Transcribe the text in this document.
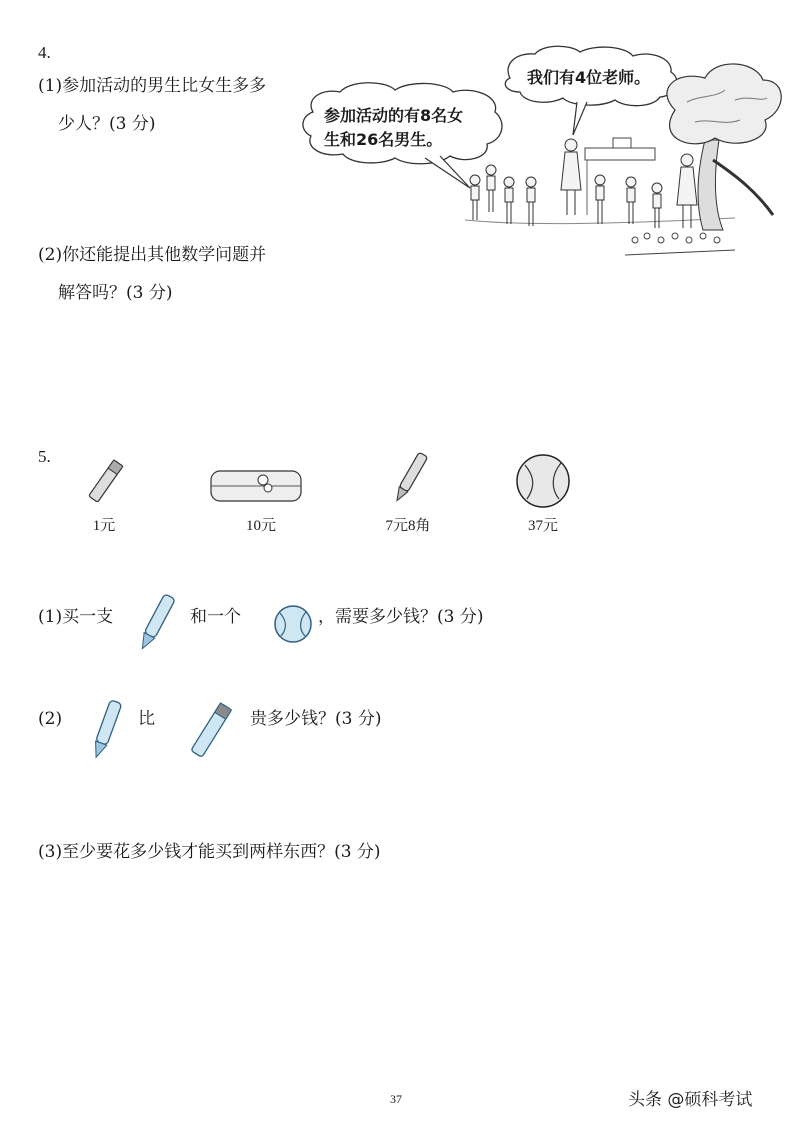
4.
(1)参加活动的男生比女生多多
少人？(3 分)
(2)你还能提出其他数学问题并
解答吗？(3 分)
我们有4位老师。
参加活动的有8名女
生和26名男生。
5.
1元	10元	7元8角	37元
(1)买一支	和一个	，需要多少钱？(3 分)
(2)	比	贵多少钱？(3 分)
(3)至少要花多少钱才能买到两样东西？(3 分)
37	头条 @硕科考试
